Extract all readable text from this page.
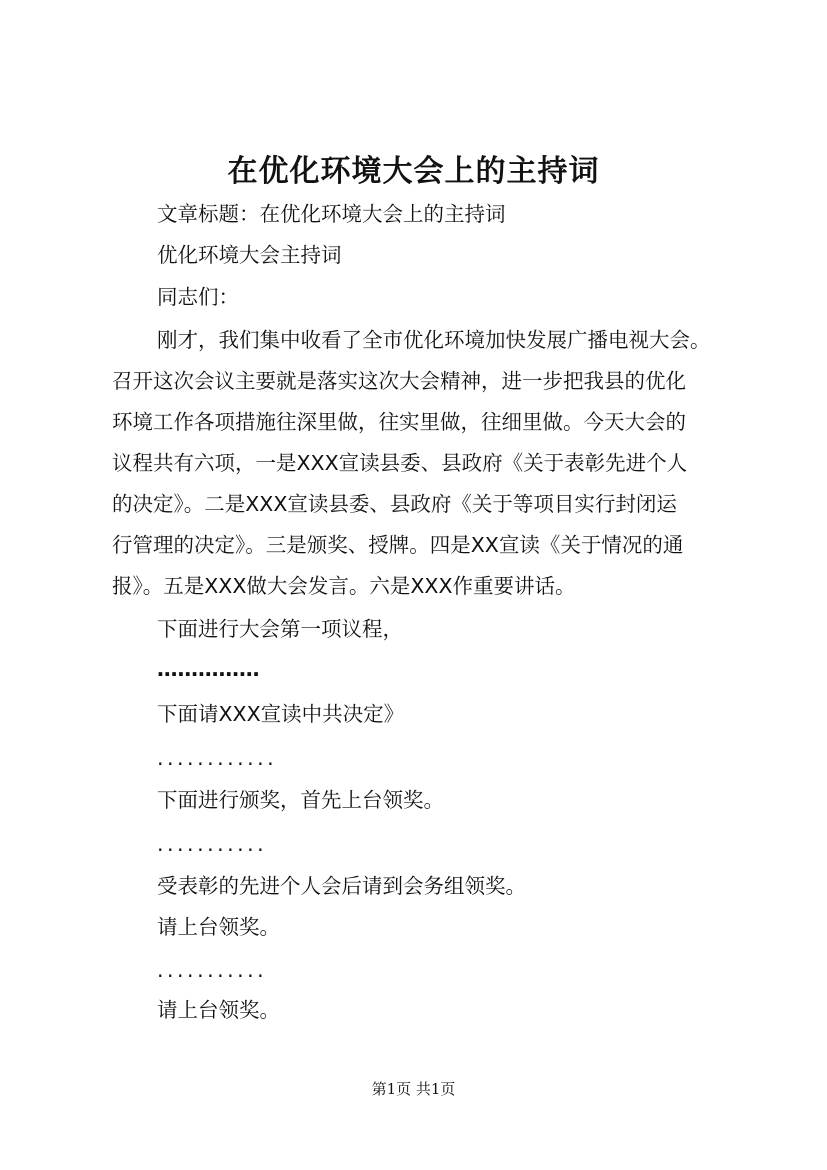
在优化环境大会上的主持词
文章标题：在优化环境大会上的主持词
优化环境大会主持词
同志们：
刚才，我们集中收看了全市优化环境加快发展广播电视大会。
召开这次会议主要就是落实这次大会精神，进一步把我县的优化
环境工作各项措施往深里做，往实里做，往细里做。今天大会的
议程共有六项，一是XXX宣读县委、县政府《关于表彰先进个人
的决定》。二是XXX宣读县委、县政府《关于等项目实行封闭运
行管理的决定》。三是颁奖、授牌。四是XX宣读《关于情况的通
报》。五是XXX做大会发言。六是XXX作重要讲话。
下面进行大会第一项议程，
……………
下面请XXX宣读中共决定》
............
下面进行颁奖，首先上台领奖。
...........
受表彰的先进个人会后请到会务组领奖。
请上台领奖。
...........
请上台领奖。
第1页 共1页
